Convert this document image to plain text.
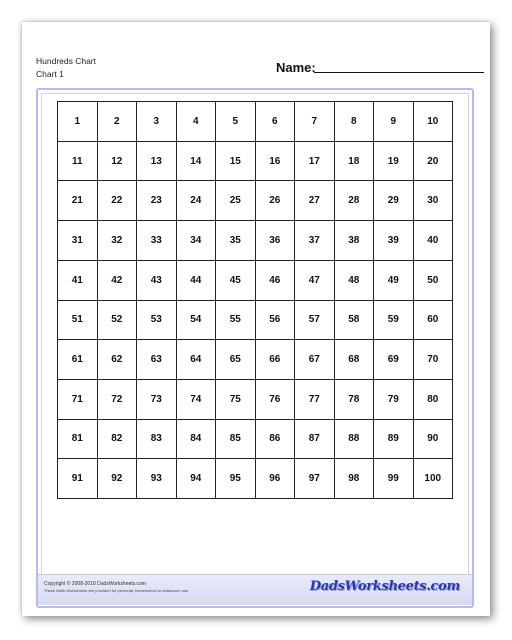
Hundreds Chart
Chart 1	Name:
1	2	3	4	5	6	7	8	9	10
11	12	13	14	15	16	17	18	19	20
21	22	23	24	25	26	27	28	29	30
31	32	33	34	35	36	37	38	39	40
41	42	43	44	45	46	47	48	49	50
51	52	53	54	55	56	57	58	59	60
61	62	63	64	65	66	67	68	69	70
71	72	73	74	75	76	77	78	79	80
81	82	83	84	85	86	87	88	89	90
91	92	93	94	95	96	97	98	99	100
Copyright © 2008-2018 DadsWorksheets.com
These Math Worksheets are provided for personal, homeschool or classroom use.	DadsWorksheets.com
